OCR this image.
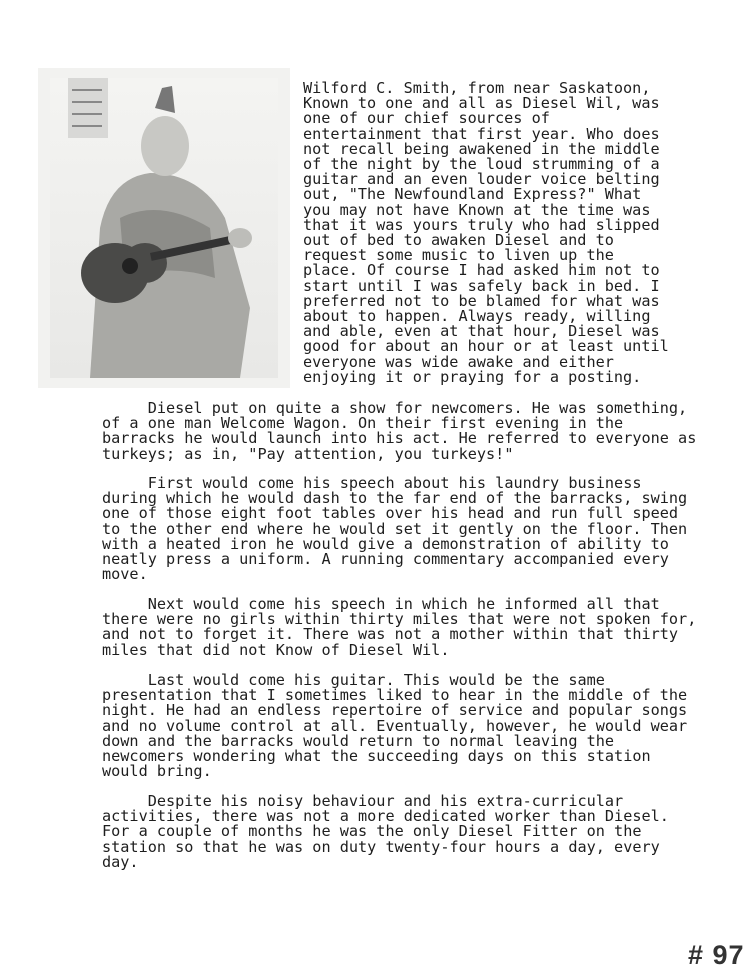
Wilford C. Smith, from near Saskatoon,
Known to one and all as Diesel Wil, was
one of our chief sources of
entertainment that first year. Who does
not recall being awakened in the middle
of the night by the loud strumming of a
guitar and an even louder voice belting
out, "The Newfoundland Express?" What
you may not have Known at the time was
that it was yours truly who had slipped
out of bed to awaken Diesel and to
request some music to liven up the
place. Of course I had asked him not to
start until I was safely back in bed. I
preferred not to be blamed for what was
about to happen. Always ready, willing
and able, even at that hour, Diesel was
good for about an hour or at least until
everyone was wide awake and either
enjoying it or praying for a posting.
Diesel put on quite a show for newcomers. He was something,
of a one man Welcome Wagon. On their first evening in the
barracks he would launch into his act. He referred to everyone as
turkeys; as in, "Pay attention, you turkeys!"
First would come his speech about his laundry business
during which he would dash to the far end of the barracks, swing
one of those eight foot tables over his head and run full speed
to the other end where he would set it gently on the floor. Then
with a heated iron he would give a demonstration of ability to
neatly press a uniform. A running commentary accompanied every
move.
Next would come his speech in which he informed all that
there were no girls within thirty miles that were not spoken for,
and not to forget it. There was not a mother within that thirty
miles that did not Know of Diesel Wil.
Last would come his guitar. This would be the same
presentation that I sometimes liked to hear in the middle of the
night. He had an endless repertoire of service and popular songs
and no volume control at all. Eventually, however, he would wear
down and the barracks would return to normal leaving the
newcomers wondering what the succeeding days on this station
would bring.
Despite his noisy behaviour and his extra-curricular
activities, there was not a more dedicated worker than Diesel.
For a couple of months he was the only Diesel Fitter on the
station so that he was on duty twenty-four hours a day, every
day.
# 97
